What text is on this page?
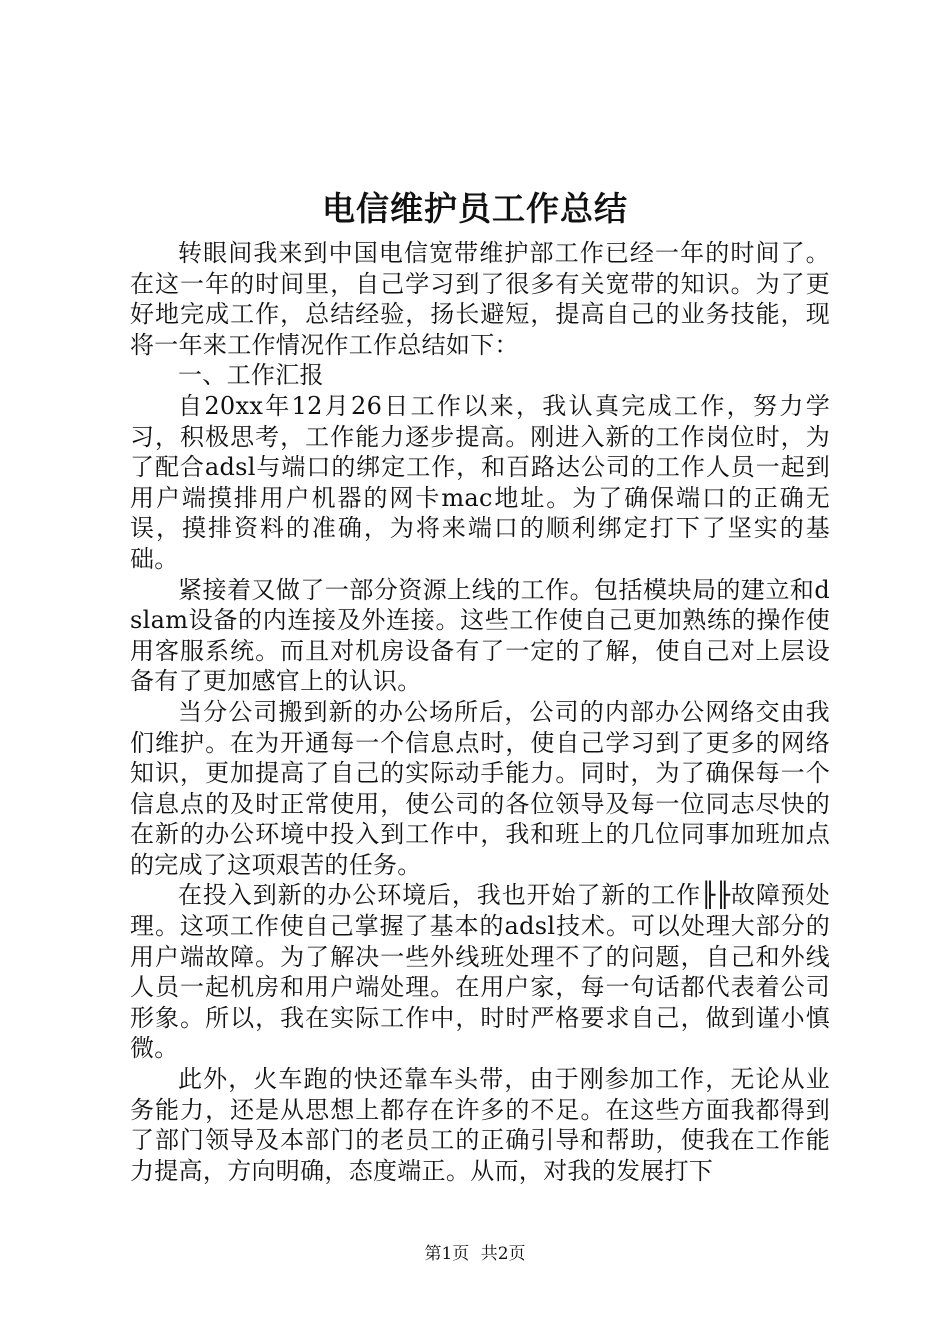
电信维护员工作总结

转眼间我来到中国电信宽带维护部工作已经一年的时间了。在这一年的时间里，自己学习到了很多有关宽带的知识。为了更好地完成工作，总结经验，扬长避短，提高自己的业务技能，现将一年来工作情况作工作总结如下：

一、工作汇报

自20xx年12月26日工作以来，我认真完成工作，努力学习，积极思考，工作能力逐步提高。刚进入新的工作岗位时，为了配合adsl与端口的绑定工作，和百路达公司的工作人员一起到用户端摸排用户机器的网卡mac地址。为了确保端口的正确无误，摸排资料的准确，为将来端口的顺利绑定打下了坚实的基础。

紧接着又做了一部分资源上线的工作。包括模块局的建立和dslam设备的内连接及外连接。这些工作使自己更加熟练的操作使用客服系统。而且对机房设备有了一定的了解，使自己对上层设备有了更加感官上的认识。

当分公司搬到新的办公场所后，公司的内部办公网络交由我们维护。在为开通每一个信息点时，使自己学习到了更多的网络知识，更加提高了自己的实际动手能力。同时，为了确保每一个信息点的及时正常使用，使公司的各位领导及每一位同志尽快的在新的办公环境中投入到工作中，我和班上的几位同事加班加点的完成了这项艰苦的任务。

在投入到新的办公环境后，我也开始了新的工作╟╟故障预处理。这项工作使自己掌握了基本的adsl技术。可以处理大部分的用户端故障。为了解决一些外线班处理不了的问题，自己和外线人员一起机房和用户端处理。在用户家，每一句话都代表着公司形象。所以，我在实际工作中，时时严格要求自己，做到谨小慎微。

此外，火车跑的快还靠车头带，由于刚参加工作，无论从业务能力，还是从思想上都存在许多的不足。在这些方面我都得到了部门领导及本部门的老员工的正确引导和帮助，使我在工作能力提高，方向明确，态度端正。从而，对我的发展打下

第1页 共2页
